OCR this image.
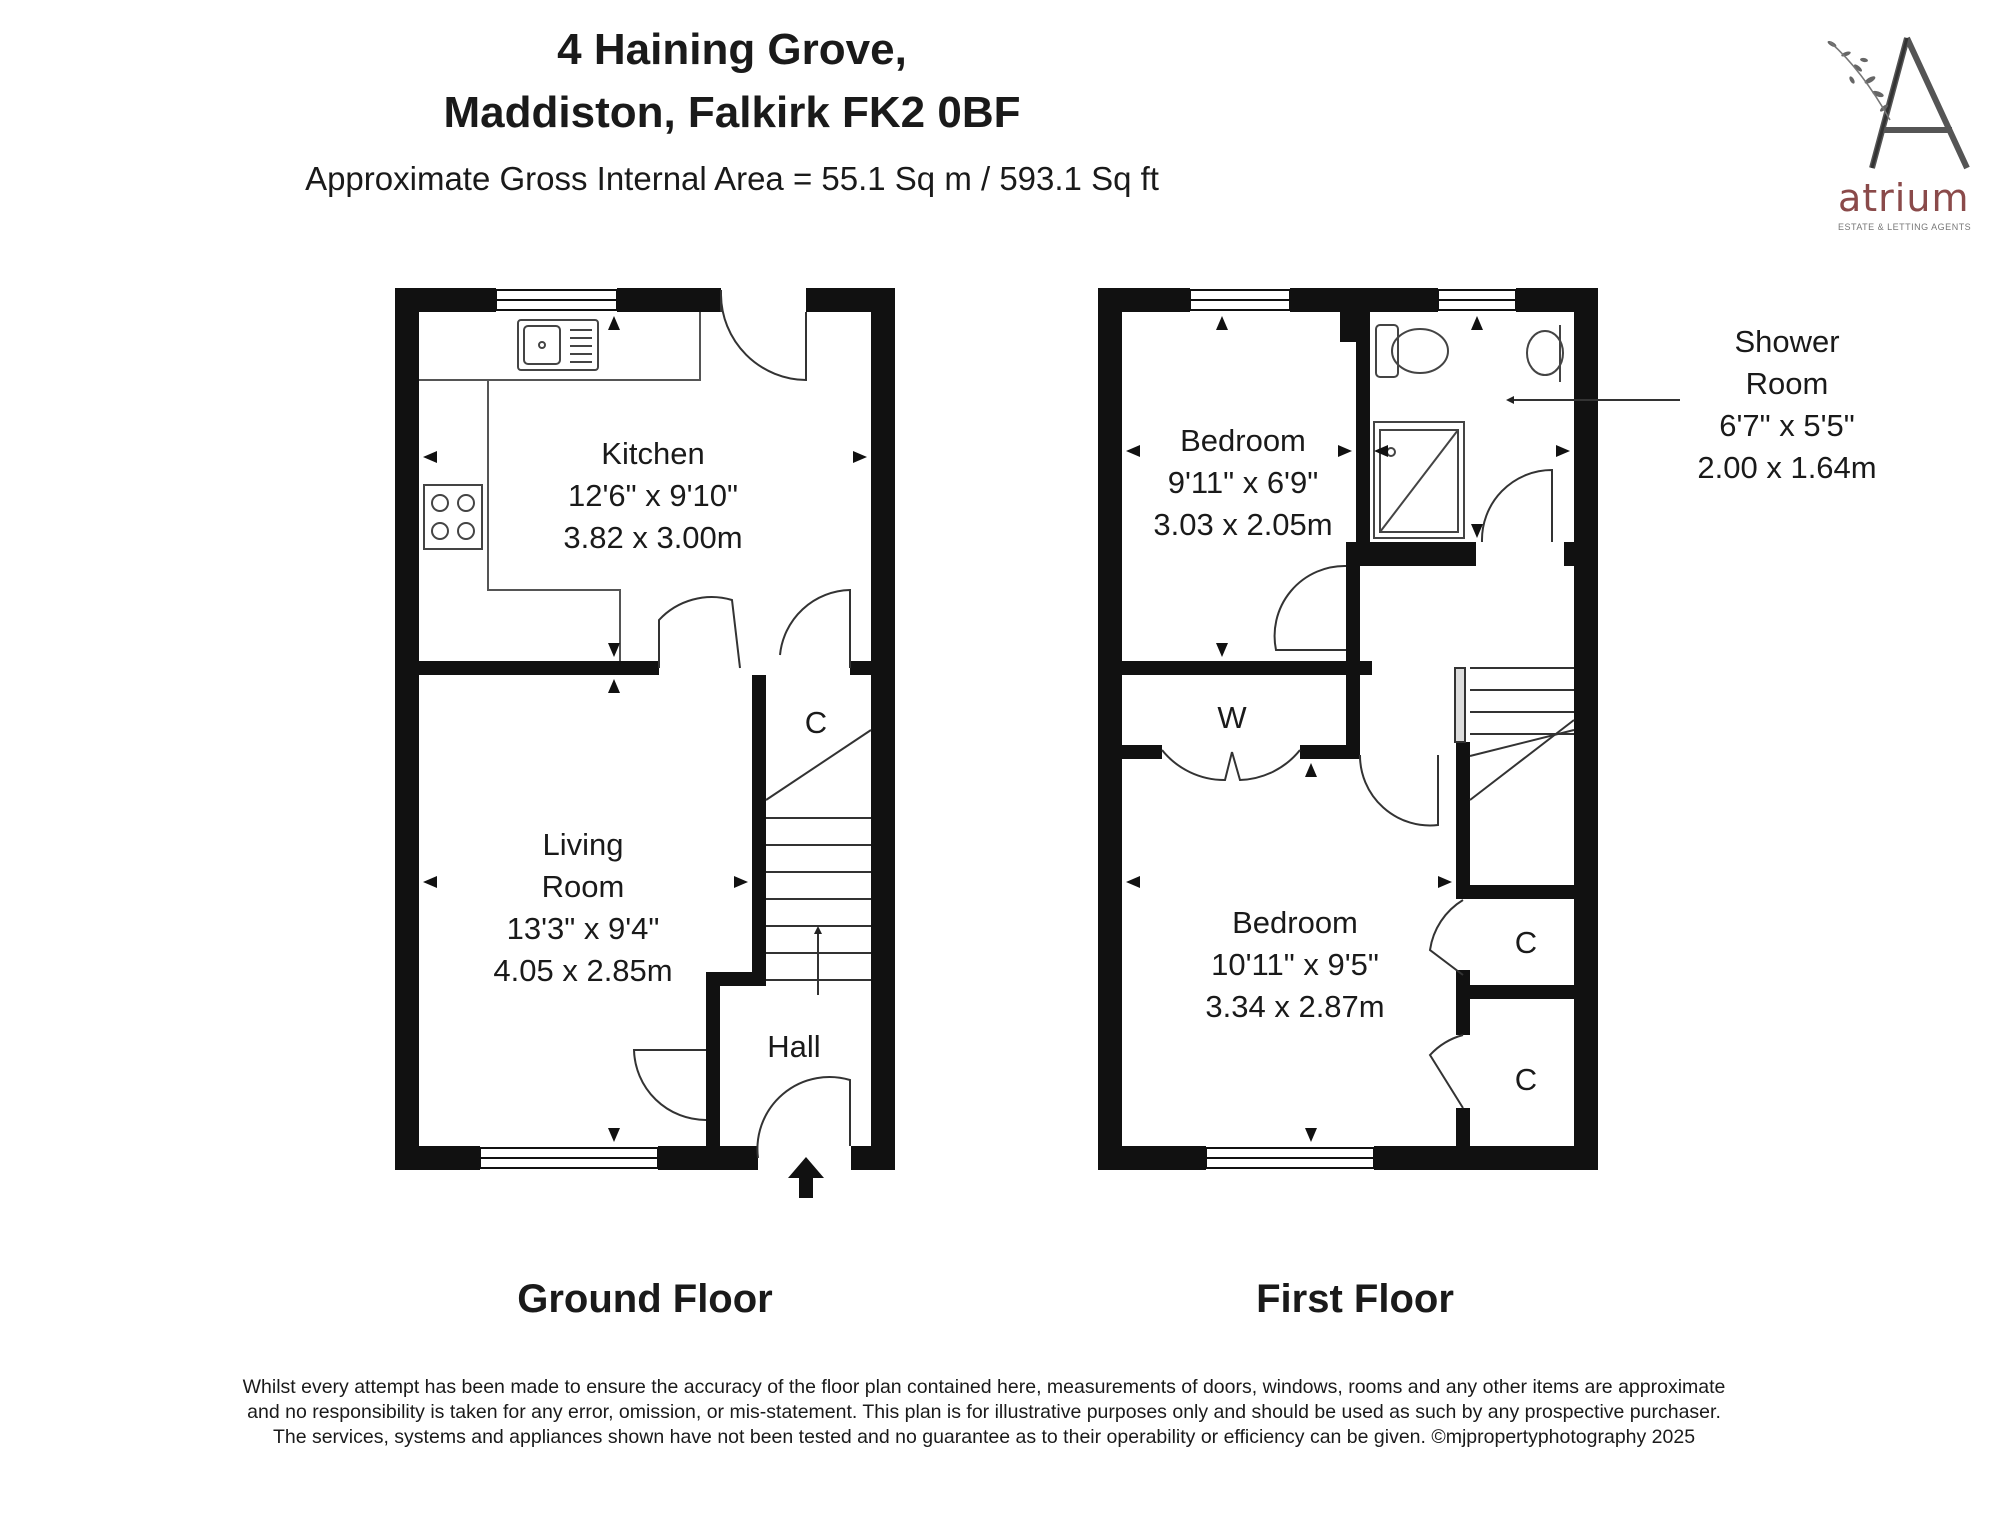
4 Haining Grove,
Maddiston, Falkirk FK2 0BF
Approximate Gross Internal Area = 55.1 Sq m / 593.1 Sq ft	atrium
ESTATE & LETTING AGENTS
Kitchen
12'6" x 9'10"
3.82 x 3.00m
Living
Room
13'3" x 9'4"
4.05 x 2.85m
C
Hall
Ground Floor
Bedroom
9'11" x 6'9"
3.03 x 2.05m
W
Bedroom
10'11" x 9'5"
3.34 x 2.87m
C
C
Shower
Room
6'7" x 5'5"
2.00 x 1.64m
First Floor
Whilst every attempt has been made to ensure the accuracy of the floor plan contained here, measurements of doors, windows, rooms and any other items are approximate
and no responsibility is taken for any error, omission, or mis-statement. This plan is for illustrative purposes only and should be used as such by any prospective purchaser.
The services, systems and appliances shown have not been tested and no guarantee as to their operability or efficiency can be given. ©mjpropertyphotography 2025
